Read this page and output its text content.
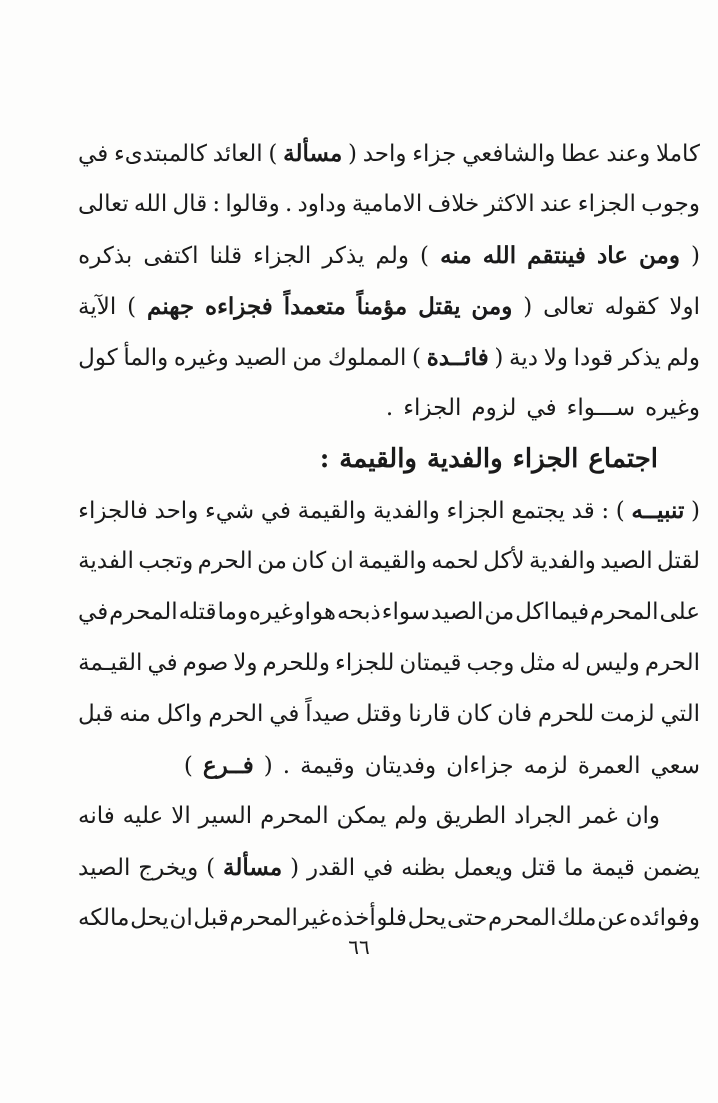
كاملا
وعند
عطا
والشافعي
جزاء
واحد
(
مسألة
)
العائد
كالمبتدىء
في
وجوب
الجزاء
عند
الاكثر
خلاف
الامامية
وداود
.
وقالوا
:
قال
الله
تعالى
(
ومن
عاد
فينتقم
الله
منه
)
ولم
يذكر
الجزاء
قلنا
اكتفى
بذكره
اولا
كقوله
تعالى
(
ومن
يقتل
مؤمناً
متعمداً
فجزاءه
جهنم
)
الآية
ولم
يذكر
قودا
ولا
دية
(
فائــدة
)
المملوك
من
الصيد
وغيره
والمأ
كول
وغيره
ســـواء
في
لزوم
الجزاء
.
اجتماع
الجزاء
والفدية
والقيمة
:
(
تنبيــه
)
:
قد
يجتمع
الجزاء
والفدية
والقيمة
في
شيء
واحد
فالجزاء
لقتل
الصيد
والفدية
لأكل
لحمه
والقيمة
ان
كان
من
الحرم
وتجب
الفدية
على
المحرم
فيما
اكل
من
الصيد
سواء
ذبحه
هو
او
غيره
وما
قتله
المحرم
في
الحرم
وليس
له
مثل
وجب
قيمتان
للجزاء
وللحرم
ولا
صوم
في
القيـمة
التي
لزمت
للحرم
فان
كان
قارنا
وقتل
صيداً
في
الحرم
واكل
منه
قبل
سعي
العمرة
لزمه
جزاءان
وفديتان
وقيمة
.
(
فــرع
)
وان
غمر
الجراد
الطريق
ولم
يمكن
المحرم
السير
الا
عليه
فانه
يضمن
قيمة
ما
قتل
ويعمل
بظنه
في
القدر
(
مسألة
)
ويخرج
الصيد
وفوائده
عن
ملك
المحرم
حتى
يحل
فلو
أخذه
غير
المحرم
قبل
ان
يحل
مالكه
٦٦
